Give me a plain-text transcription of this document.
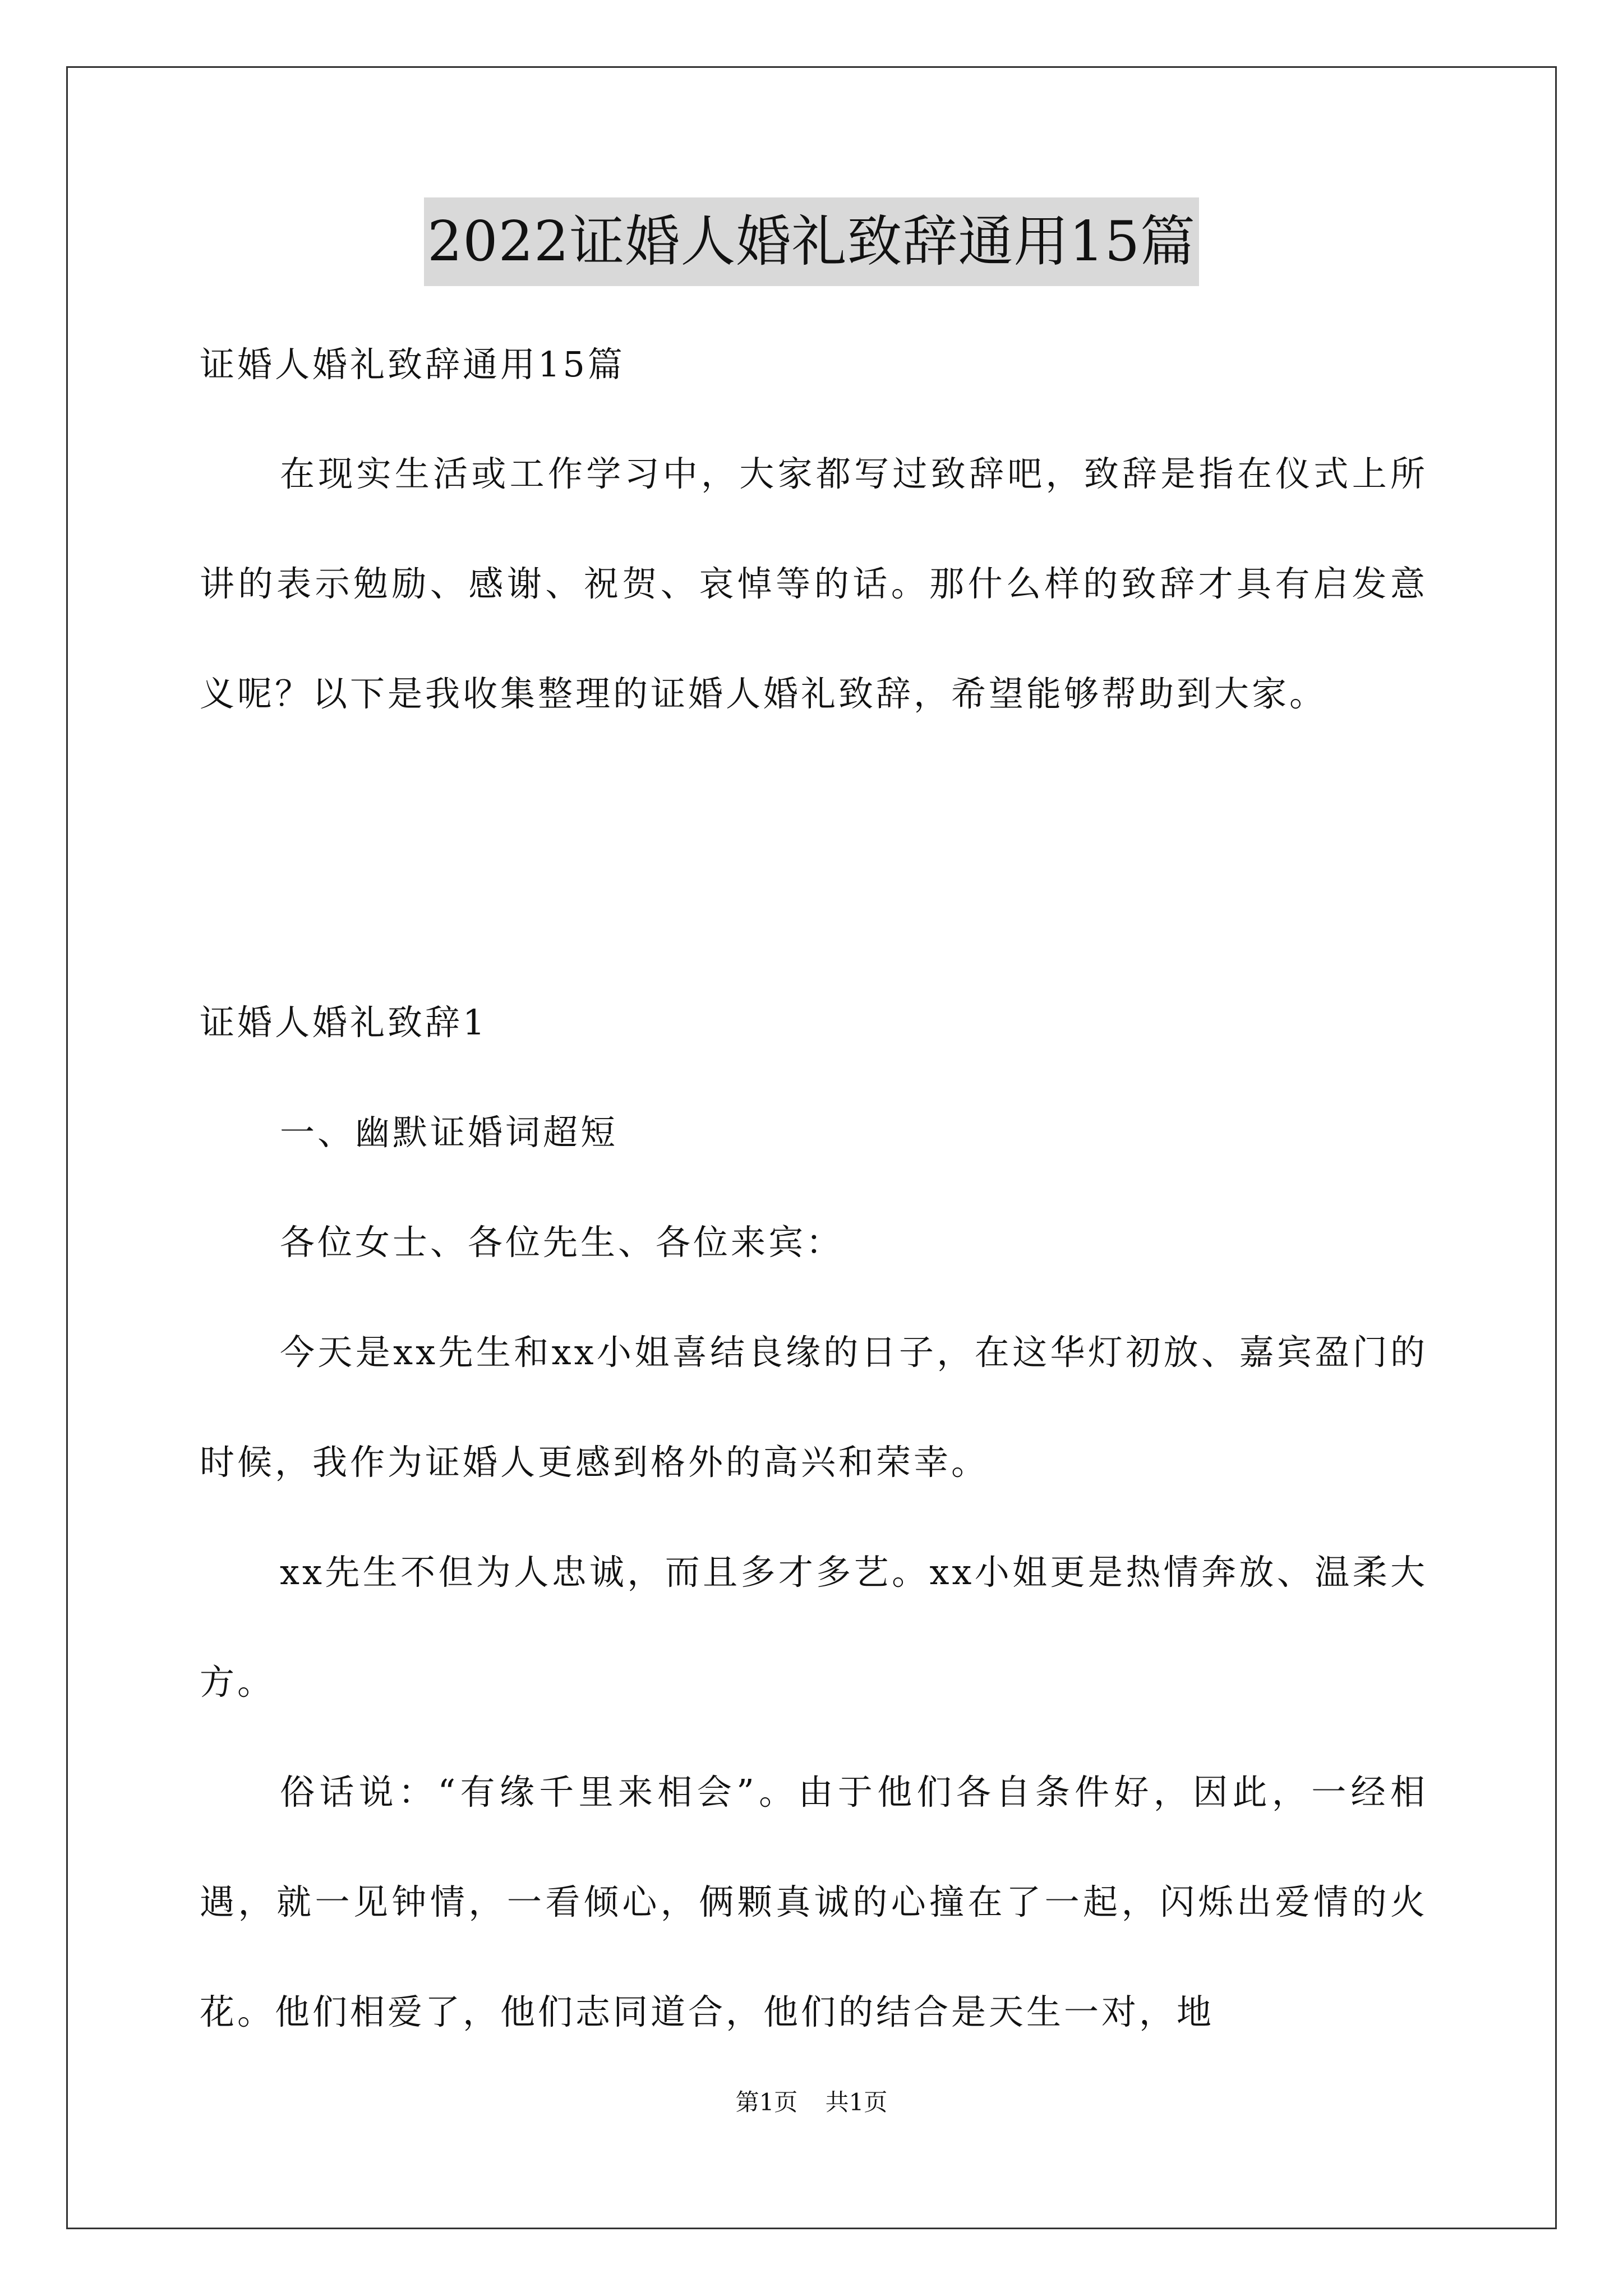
2022证婚人婚礼致辞通用15篇

证婚人婚礼致辞通用15篇

在现实生活或工作学习中，大家都写过致辞吧，致辞是指在仪式上所讲的表示勉励、感谢、祝贺、哀悼等的话。那什么样的致辞才具有启发意义呢？以下是我收集整理的证婚人婚礼致辞，希望能够帮助到大家。

证婚人婚礼致辞1

一、幽默证婚词超短

各位女士、各位先生、各位来宾：

今天是xx先生和xx小姐喜结良缘的日子，在这华灯初放、嘉宾盈门的时候，我作为证婚人更感到格外的高兴和荣幸。

xx先生不但为人忠诚，而且多才多艺。xx小姐更是热情奔放、温柔大方。

俗话说：“有缘千里来相会”。由于他们各自条件好，因此，一经相遇，就一见钟情，一看倾心，俩颗真诚的心撞在了一起，闪烁出爱情的火花。他们相爱了，他们志同道合，他们的结合是天生一对，地

第1页 共1页
